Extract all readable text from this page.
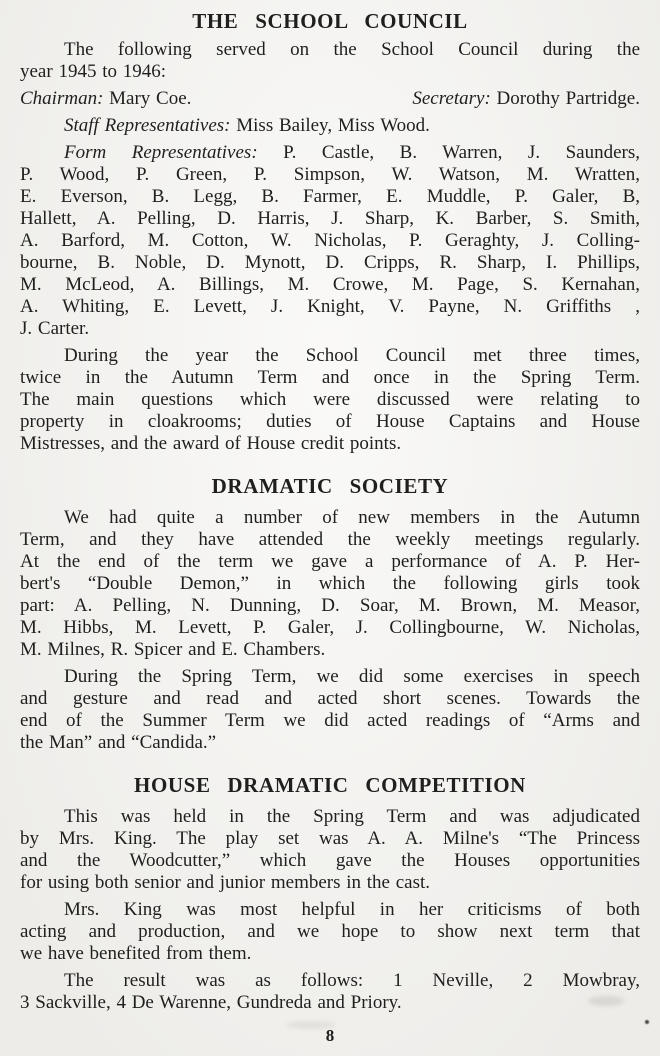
THE SCHOOL COUNCIL
The following served on the School Council during the
year 1945 to 1946:
Chairman: Mary Coe.	Secretary: Dorothy Partridge.
Staff Representatives: Miss Bailey, Miss Wood.
Form Representatives: P. Castle, B. Warren, J. Saunders,
P. Wood, P. Green, P. Simpson, W. Watson, M. Wratten,
E. Everson, B. Legg, B. Farmer, E. Muddle, P. Galer, B,
Hallett, A. Pelling, D. Harris, J. Sharp, K. Barber, S. Smith,
A. Barford, M. Cotton, W. Nicholas, P. Geraghty, J. Colling-
bourne, B. Noble, D. Mynott, D. Cripps, R. Sharp, I. Phillips,
M. McLeod, A. Billings, M. Crowe, M. Page, S. Kernahan,
A. Whiting, E. Levett, J. Knight, V. Payne, N. Griffiths ,
J. Carter.
During the year the School Council met three times,
twice in the Autumn Term and once in the Spring Term.
The main questions which were discussed were relating to
property in cloakrooms; duties of House Captains and House
Mistresses, and the award of House credit points.
DRAMATIC SOCIETY
We had quite a number of new members in the Autumn
Term, and they have attended the weekly meetings regularly.
At the end of the term we gave a performance of A. P. Her-
bert's “Double Demon,” in which the following girls took
part: A. Pelling, N. Dunning, D. Soar, M. Brown, M. Measor,
M. Hibbs, M. Levett, P. Galer, J. Collingbourne, W. Nicholas,
M. Milnes, R. Spicer and E. Chambers.
During the Spring Term, we did some exercises in speech
and gesture and read and acted short scenes. Towards the
end of the Summer Term we did acted readings of “Arms and
the Man” and “Candida.”
HOUSE DRAMATIC COMPETITION
This was held in the Spring Term and was adjudicated
by Mrs. King. The play set was A. A. Milne's “The Princess
and the Woodcutter,” which gave the Houses opportunities
for using both senior and junior members in the cast.
Mrs. King was most helpful in her criticisms of both
acting and production, and we hope to show next term that
we have benefited from them.
The result was as follows: 1 Neville, 2 Mowbray,
3 Sackville, 4 De Warenne, Gundreda and Priory.
8
